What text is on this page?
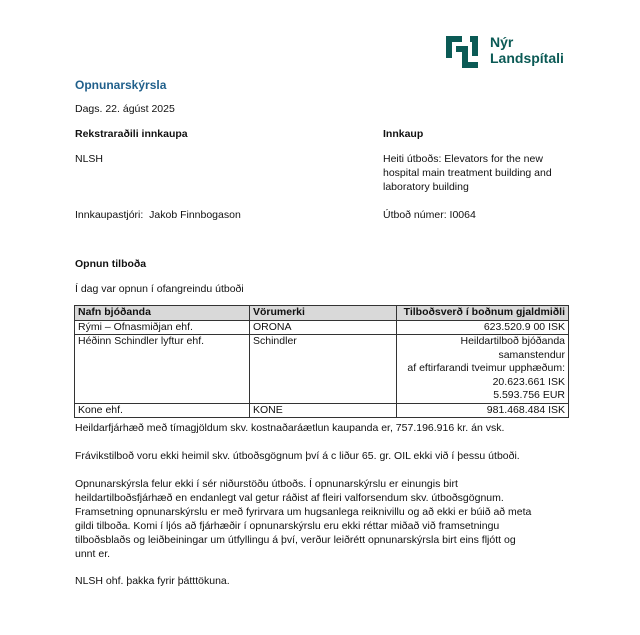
Nýr
Landspítali
Opnunarskýrsla
Dags. 22. ágúst 2025
Rekstraraðili innkaupa
NLSH
Innkaupastjóri: Jakob Finnbogason
Innkaup
Heiti útboðs: Elevators for the new
hospital main treatment building and
laboratory building
Útboð númer: I0064
Opnun tilboða
Í dag var opnun í ofangreindu útboði
Nafn bjóðanda	Vörumerki	Tilboðsverð í boðnum gjaldmiðli
Rými – Ofnasmiðjan ehf.	ORONA	623.520.9 00 ISK
Héðinn Schindler lyftur ehf.	Schindler	Heildartilboð bjóðanda samanstendur
af eftirfarandi tveimur upphæðum:
20.623.661 ISK
5.593.756 EUR

Kone ehf.	KONE	981.468.484 ISK
Heildarfjárhæð með tímagjöldum skv. kostnaðaráætlun kaupanda er, 757.196.916 kr. án vsk.
Frávikstilboð voru ekki heimil skv. útboðsgögnum því á c liður 65. gr. OIL ekki við í þessu útboði.
Opnunarskýrsla felur ekki í sér niðurstöðu útboðs. Í opnunarskýrslu er einungis birt
heildartilboðsfjárhæð en endanlegt val getur ráðist af fleiri valforsendum skv. útboðsgögnum.
Framsetning opnunarskýrslu er með fyrirvara um hugsanlega reiknivillu og að ekki er búið að meta
gildi tilboða. Komi í ljós að fjárhæðir í opnunarskýrslu eru ekki réttar miðað við framsetningu
tilboðsblaðs og leiðbeiningar um útfyllingu á því, verður leiðrétt opnunarskýrsla birt eins fljótt og
unnt er.
NLSH ohf. þakka fyrir þátttökuna.
